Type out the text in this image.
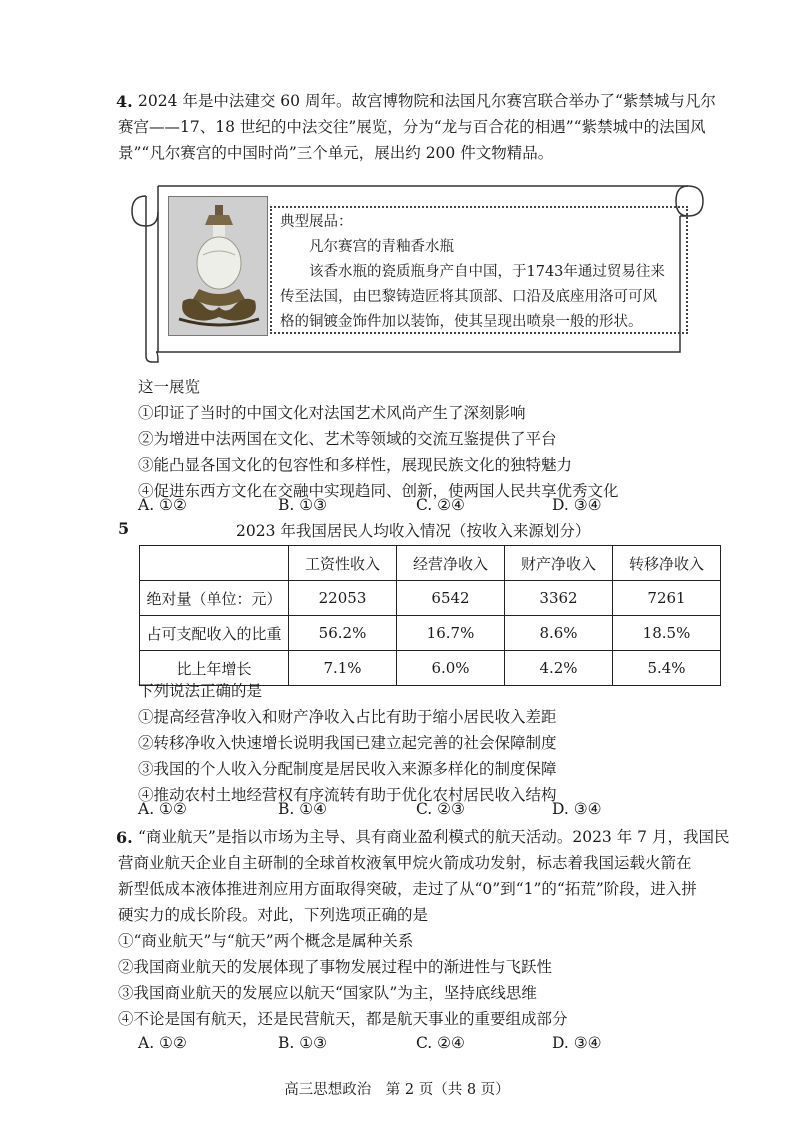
4. 2024 年是中法建交 60 周年。故宫博物院和法国凡尔赛宫联合举办了“紫禁城与凡尔
赛宫——17、18 世纪的中法交往”展览，分为“龙与百合花的相遇”“紫禁城中的法国风
景”“凡尔赛宫的中国时尚”三个单元，展出约 200 件文物精品。
典型展品：
凡尔赛宫的青釉香水瓶
该香水瓶的瓷质瓶身产自中国，于1743年通过贸易往来
传至法国，由巴黎铸造匠将其顶部、口沿及底座用洛可可风
格的铜镀金饰件加以装饰，使其呈现出喷泉一般的形状。
这一展览
①印证了当时的中国文化对法国艺术风尚产生了深刻影响
②为增进中法两国在文化、艺术等领域的交流互鉴提供了平台
③能凸显各国文化的包容性和多样性，展现民族文化的独特魅力
④促进东西方文化在交融中实现趋同、创新，使两国人民共享优秀文化
A. ①②	B. ①③	C. ②④	D. ③④
5	2023 年我国居民人均收入情况（按收入来源划分）
	工资性收入	经营净收入	财产净收入	转移净收入
绝对量（单位：元）	22053	6542	3362	7261
占可支配收入的比重	56.2%	16.7%	8.6%	18.5%
比上年增长	7.1%	6.0%	4.2%	5.4%
下列说法正确的是
①提高经营净收入和财产净收入占比有助于缩小居民收入差距
②转移净收入快速增长说明我国已建立起完善的社会保障制度
③我国的个人收入分配制度是居民收入来源多样化的制度保障
④推动农村土地经营权有序流转有助于优化农村居民收入结构
A. ①②	B. ①④	C. ②③	D. ③④
6. “商业航天”是指以市场为主导、具有商业盈利模式的航天活动。2023 年 7 月，我国民
营商业航天企业自主研制的全球首枚液氧甲烷火箭成功发射，标志着我国运载火箭在
新型低成本液体推进剂应用方面取得突破，走过了从“0”到“1”的“拓荒”阶段，进入拼
硬实力的成长阶段。对此，下列选项正确的是
①“商业航天”与“航天”两个概念是属种关系
②我国商业航天的发展体现了事物发展过程中的渐进性与飞跃性
③我国商业航天的发展应以航天“国家队”为主，坚持底线思维
④不论是国有航天，还是民营航天，都是航天事业的重要组成部分
A. ①②	B. ①③	C. ②④	D. ③④
高三思想政治　第 2 页（共 8 页）
